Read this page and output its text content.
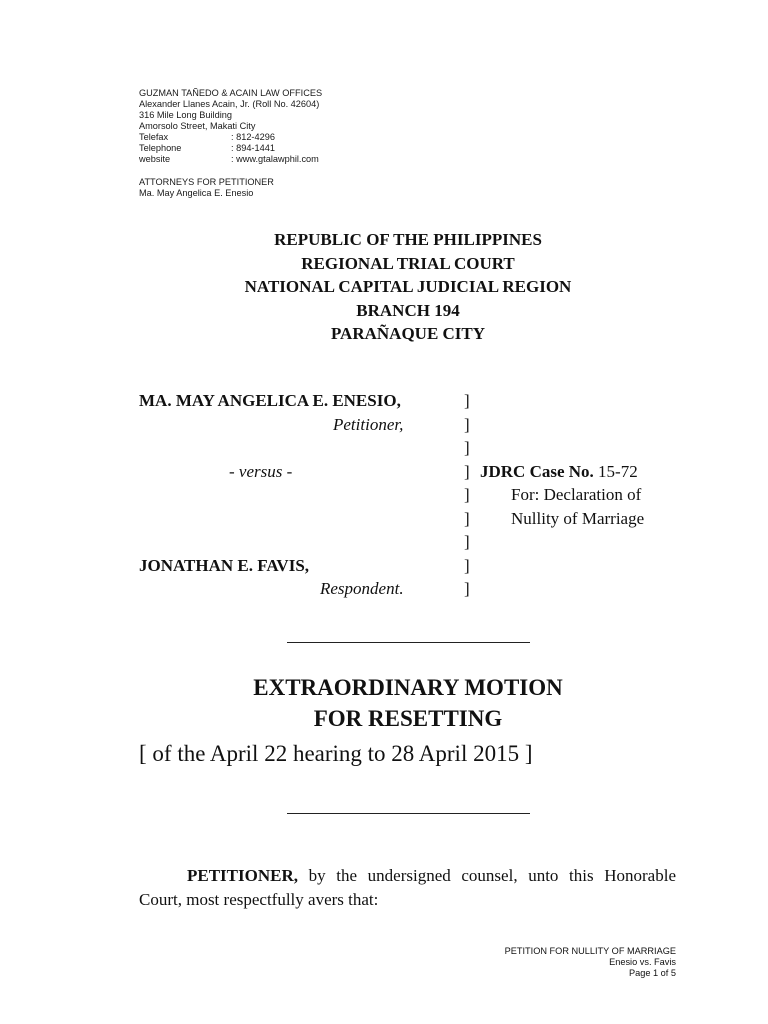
GUZMAN TAÑEDO & ACAIN LAW OFFICES
Alexander Llanes Acain, Jr. (Roll No. 42604)
316 Mile Long Building
Amorsolo Street, Makati City
Telefax	: 812-4296
Telephone	: 894-1441
website	: www.gtalawphil.com
ATTORNEYS FOR PETITIONER
Ma. May Angelica E. Enesio
REPUBLIC OF THE PHILIPPINES
REGIONAL TRIAL COURT
NATIONAL CAPITAL JUDICIAL REGION
BRANCH 194
PARAÑAQUE CITY
MA. MAY ANGELICA E. ENESIO,	]
Petitioner,	]
]
- versus -	] JDRC Case No. 15-72
] For: Declaration of
] Nullity of Marriage
]
JONATHAN E. FAVIS,	]
Respondent.	]
EXTRAORDINARY MOTION
FOR RESETTING
[ of the April 22 hearing to 28 April 2015 ]
PETITIONER, by the undersigned counsel, unto this Honorable Court, most respectfully avers that:
PETITION FOR NULLITY OF MARRIAGE
Enesio vs. Favis
Page 1 of 5
